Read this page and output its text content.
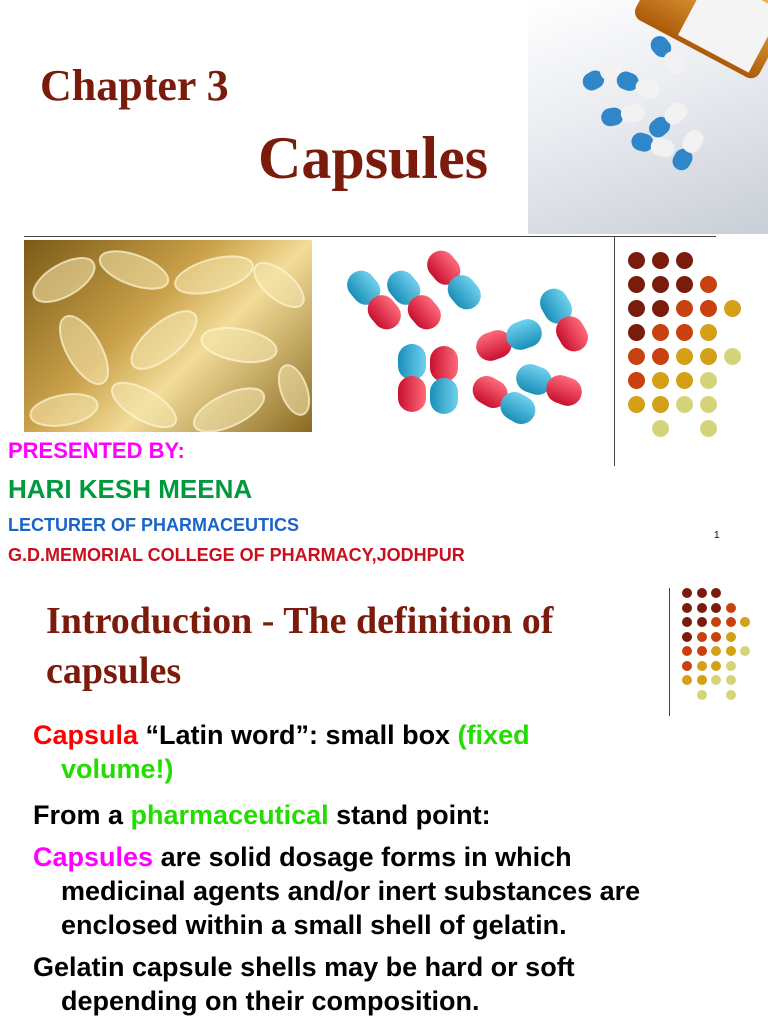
Chapter 3
Capsules
PRESENTED BY:
HARI KESH MEENA
LECTURER OF PHARMACEUTICS
G.D.MEMORIAL COLLEGE OF PHARMACY,JODHPUR
1
Introduction - The definition of
capsules
Capsula “Latin word”: small box (fixed
volume!)
From a pharmaceutical stand point:
Capsules are solid dosage forms in which
medicinal agents and/or inert substances are
enclosed within a small shell of gelatin.
Gelatin capsule shells may be hard or soft
depending on their composition.
